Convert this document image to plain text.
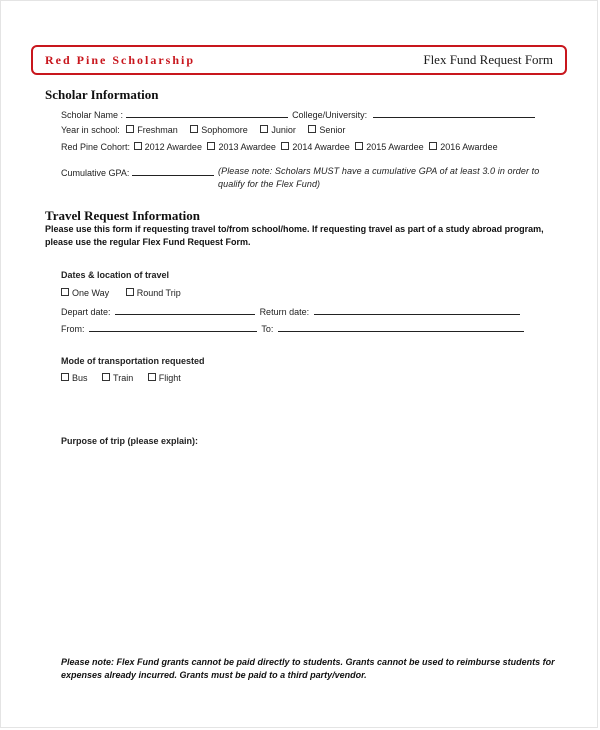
Red Pine Scholarship	Flex Fund Request Form
Scholar Information
Scholar Name :	College/University:
Year in school: Freshman	Sophomore	Junior	Senior
Red Pine Cohort: 2012 Awardee 2013 Awardee 2014 Awardee 2015 Awardee 2016 Awardee
Cumulative GPA:	(Please note: Scholars MUST have a cumulative GPA of at least 3.0 in order to qualify for the Flex Fund)
Travel Request Information
Please use this form if requesting travel to/from school/home. If requesting travel as part of a study abroad program, please use the regular Flex Fund Request Form.
Dates & location of travel
One Way	Round Trip
Depart date:	Return date:
From:	To:
Mode of transportation requested
Bus	Train	Flight
Purpose of trip (please explain):
Please note: Flex Fund grants cannot be paid directly to students. Grants cannot be used to reimburse students for expenses already incurred. Grants must be paid to a third party/vendor.
